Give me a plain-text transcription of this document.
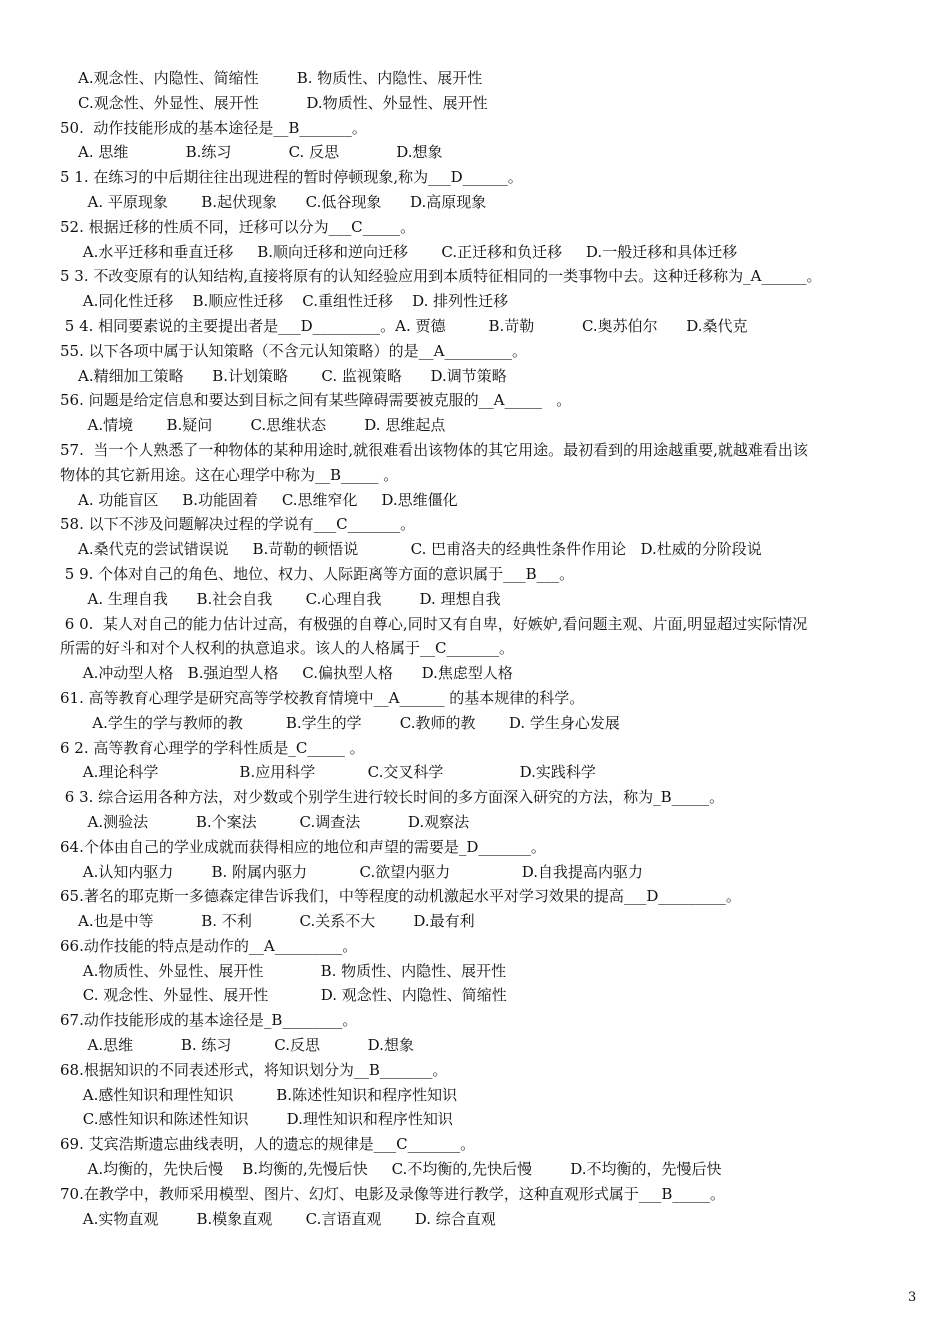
A.观念性、内隐性、简缩性        B. 物质性、内隐性、展开性
C.观念性、外显性、展开性          D.物质性、外显性、展开性
50.  动作技能形成的基本途径是__B_______。
A. 思维            B.练习            C. 反思            D.想象
5 1. 在练习的中后期往往出现进程的暂时停顿现象,称为___D______。
A. 平原现象       B.起伏现象      C.低谷现象      D.高原现象
52. 根据迁移的性质不同，迁移可以分为___C_____。
A.水平迁移和垂直迁移     B.顺向迁移和逆向迁移       C.正迁移和负迁移     D.一般迁移和具体迁移
5 3. 不改变原有的认知结构,直接将原有的认知经验应用到本质特征相同的一类事物中去。这种迁移称为_A______。
A.同化性迁移    B.顺应性迁移    C.重组性迁移    D. 排列性迁移
5 4. 相同要素说的主要提出者是___D_________。A. 贾德         B.苛勒          C.奥苏伯尔      D.桑代克
55. 以下各项中属于认知策略（不含元认知策略）的是__A_________。
A.精细加工策略      B.计划策略       C. 监视策略      D.调节策略
56. 问题是给定信息和要达到目标之间有某些障碍需要被克服的__A_____   。
A.情境       B.疑问        C.思维状态        D. 思维起点
57.  当一个人熟悉了一种物体的某种用途时,就很难看出该物体的其它用途。最初看到的用途越重要,就越难看出该
物体的其它新用途。这在心理学中称为__B_____ 。
A. 功能盲区     B.功能固着     C.思维窄化     D.思维僵化
58. 以下不涉及问题解决过程的学说有___C_______。
A.桑代克的尝试错误说     B.苛勒的顿悟说           C. 巴甫洛夫的经典性条件作用论   D.杜威的分阶段说
5 9. 个体对自己的角色、地位、权力、人际距离等方面的意识属于___B___。
A. 生理自我      B.社会自我       C.心理自我        D. 理想自我
6 0.  某人对自己的能力估计过高，有极强的自尊心,同时又有自卑，好嫉妒,看问题主观、片面,明显超过实际情况
所需的好斗和对个人权利的执意追求。该人的人格属于__C_______。
A.冲动型人格   B.强迫型人格     C.偏执型人格      D.焦虑型人格
61. 高等教育心理学是研究高等学校教育情境中__A______ 的基本规律的科学。
A.学生的学与教师的教         B.学生的学        C.教师的教       D. 学生身心发展
6 2. 高等教育心理学的学科性质是_C_____ 。
A.理论科学                 B.应用科学           C.交叉科学                D.实践科学
6 3. 综合运用各种方法，对少数或个别学生进行较长时间的多方面深入研究的方法，称为_B_____。
A.测验法          B.个案法         C.调查法          D.观察法
64.个体由自己的学业成就而获得相应的地位和声望的需要是_D_______。
A.认知内驱力        B. 附属内驱力           C.欲望内驱力               D.自我提高内驱力
65.著名的耶克斯一多德森定律告诉我们，中等程度的动机激起水平对学习效果的提高___D_________。
A.也是中等          B. 不利          C.关系不大        D.最有利
66.动作技能的特点是动作的__A_________。
A.物质性、外显性、展开性            B. 物质性、内隐性、展开性
C. 观念性、外显性、展开性           D. 观念性、内隐性、简缩性
67.动作技能形成的基本途径是_B________。
A.思维          B. 练习         C.反思          D.想象
68.根据知识的不同表述形式，将知识划分为__B_______。
A.感性知识和理性知识         B.陈述性知识和程序性知识
C.感性知识和陈述性知识        D.理性知识和程序性知识
69. 艾宾浩斯遗忘曲线表明，人的遗忘的规律是___C_______。
A.均衡的，先快后慢    B.均衡的,先慢后快     C.不均衡的,先快后慢        D.不均衡的，先慢后快
70.在教学中，教师采用模型、图片、幻灯、电影及录像等进行教学，这种直观形式属于___B_____。
A.实物直观        B.模象直观       C.言语直观       D. 综合直观
3
